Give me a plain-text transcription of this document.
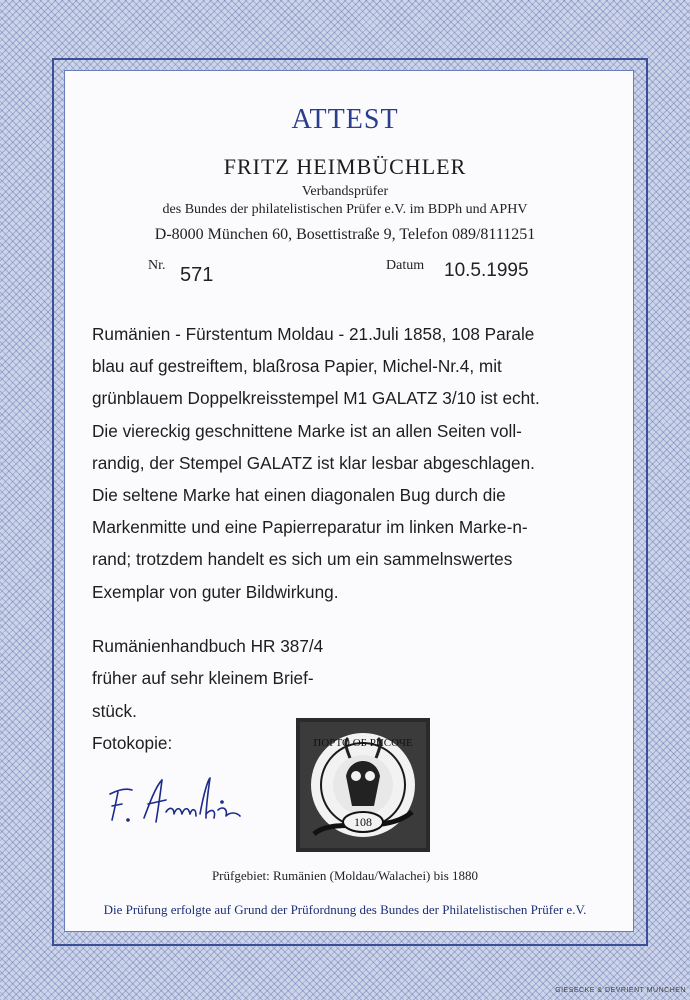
ATTEST
FRITZ HEIMBÜCHLER
Verbandsprüfer
des Bundes der philatelistischen Prüfer e.V. im BDPh und APHV
D-8000 München 60, Bosettistraße 9, Telefon 089/8111251
Nr. 571	Datum 10.5.1995
Rumänien - Fürstentum Moldau - 21.Juli 1858, 108 Parale
blau auf gestreiftem, blaßrosa Papier, Michel-Nr.4, mit
grünblauem Doppelkreisstempel M1 GALATZ 3/10 ist echt.
Die viereckig geschnittene Marke ist an allen Seiten voll-
randig, der Stempel GALATZ ist klar lesbar abgeschlagen.
Die seltene Marke hat einen diagonalen Bug durch die
Markenmitte und eine Papierreparatur im linken Marke-n-
rand; trotzdem handelt es sich um ein sammelnswertes
Exemplar von guter Bildwirkung.
Rumänienhandbuch HR 387/4
früher auf sehr kleinem Brief-
stück.
Fotokopie:
108
ПОРТО ОБ РИСОЧЕ
Prüfgebiet: Rumänien (Moldau/Walachei) bis 1880
Die Prüfung erfolgte auf Grund der Prüfordnung des Bundes der Philatelistischen Prüfer e.V.
GIESECKE & DEVRIENT MÜNCHEN
